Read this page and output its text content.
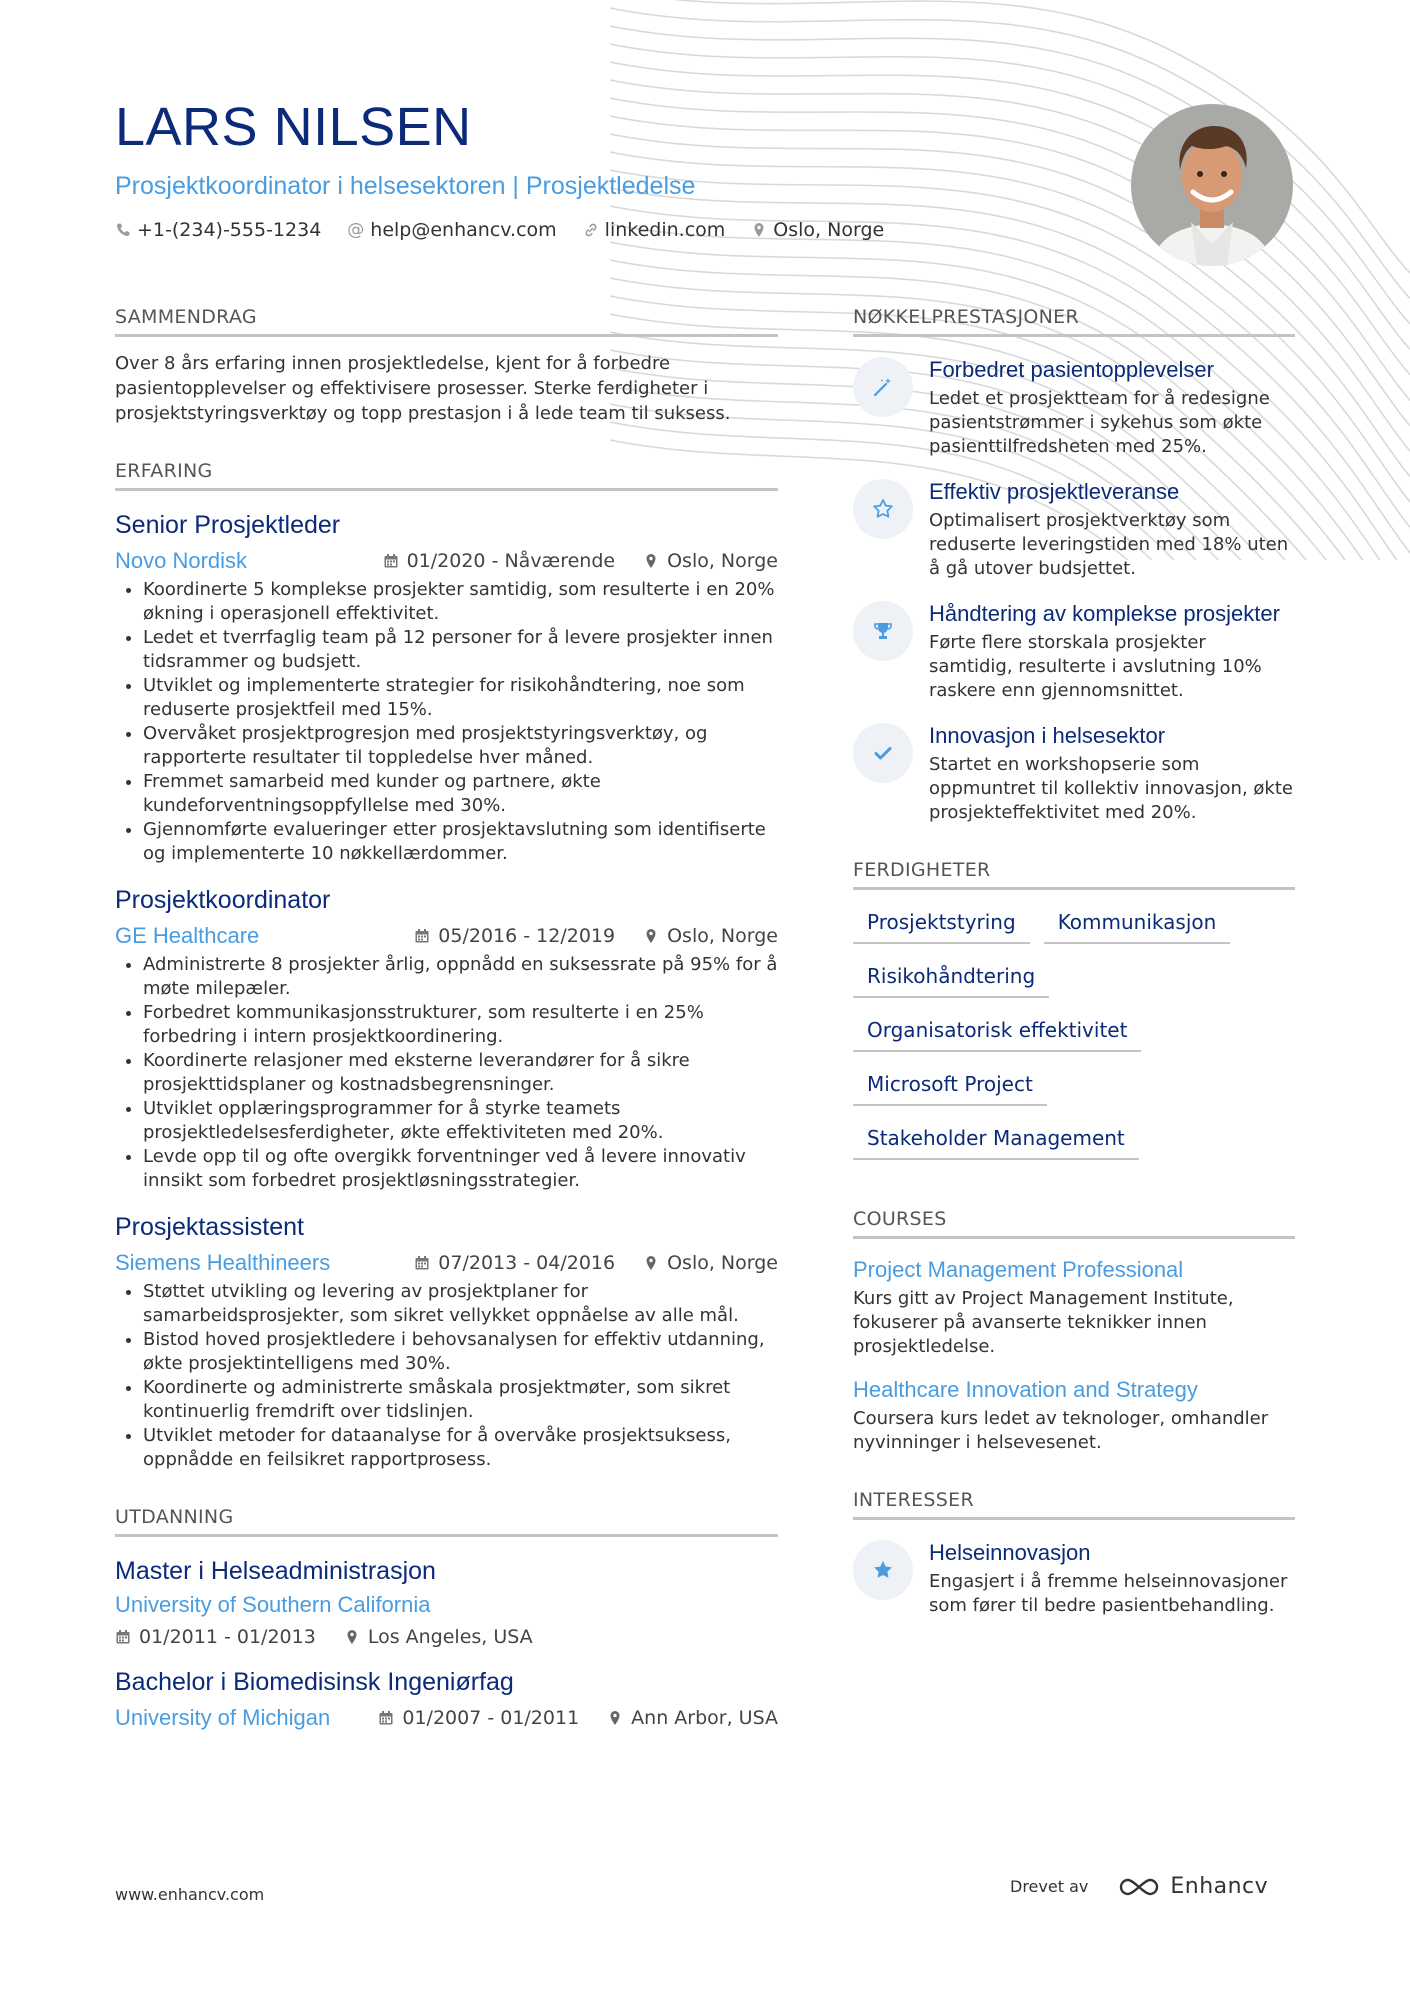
LARS NILSEN
Prosjektkoordinator i helsesektoren | Prosjektledelse
+1-(234)-555-1234 @ help@enhancv.com	linkedin.com	Oslo, Norge
SAMMENDRAG
Over 8 års erfaring innen prosjektledelse, kjent for å forbedre pasientopplevelser og effektivisere prosesser. Sterke ferdigheter i prosjektstyringsverktøy og topp prestasjon i å lede team til suksess.
ERFARING
Senior Prosjektleder
Novo Nordisk	01/2020 - Nåværende	Oslo, Norge
• Koordinerte 5 komplekse prosjekter samtidig, som resulterte i en 20% økning i operasjonell effektivitet.
• Ledet et tverrfaglig team på 12 personer for å levere prosjekter innen tidsrammer og budsjett.
• Utviklet og implementerte strategier for risikohåndtering, noe som reduserte prosjektfeil med 15%.
• Overvåket prosjektprogresjon med prosjektstyringsverktøy, og rapporterte resultater til toppledelse hver måned.
• Fremmet samarbeid med kunder og partnere, økte kundeforventningsoppfyllelse med 30%.
• Gjennomførte evalueringer etter prosjektavslutning som identifiserte og implementerte 10 nøkkellærdommer.
Prosjektkoordinator
GE Healthcare	05/2016 - 12/2019	Oslo, Norge
• Administrerte 8 prosjekter årlig, oppnådd en suksessrate på 95% for å møte milepæler.
• Forbedret kommunikasjonsstrukturer, som resulterte i en 25% forbedring i intern prosjektkoordinering.
• Koordinerte relasjoner med eksterne leverandører for å sikre prosjekttidsplaner og kostnadsbegrensninger.
• Utviklet opplæringsprogrammer for å styrke teamets prosjektledelsesferdigheter, økte effektiviteten med 20%.
• Levde opp til og ofte overgikk forventninger ved å levere innovativ innsikt som forbedret prosjektløsningsstrategier.
Prosjektassistent
Siemens Healthineers	07/2013 - 04/2016	Oslo, Norge
• Støttet utvikling og levering av prosjektplaner for samarbeidsprosjekter, som sikret vellykket oppnåelse av alle mål.
• Bistod hoved prosjektledere i behovsanalysen for effektiv utdanning, økte prosjektintelligens med 30%.
• Koordinerte og administrerte småskala prosjektmøter, som sikret kontinuerlig fremdrift over tidslinjen.
• Utviklet metoder for dataanalyse for å overvåke prosjektsuksess, oppnådde en feilsikret rapportprosess.
UTDANNING
Master i Helseadministrasjon
University of Southern California
01/2011 - 01/2013	Los Angeles, USA
Bachelor i Biomedisinsk Ingeniørfag
University of Michigan	01/2007 - 01/2011	Ann Arbor, USA
NØKKELPRESTASJONER
Forbedret pasientopplevelser
Ledet et prosjektteam for å redesigne pasientstrømmer i sykehus som økte pasienttilfredsheten med 25%.
Effektiv prosjektleveranse
Optimalisert prosjektverktøy som reduserte leveringstiden med 18% uten å gå utover budsjettet.
Håndtering av komplekse prosjekter
Førte flere storskala prosjekter samtidig, resulterte i avslutning 10% raskere enn gjennomsnittet.
Innovasjon i helsesektor
Startet en workshopserie som oppmuntret til kollektiv innovasjon, økte prosjekteffektivitet med 20%.
FERDIGHETER
Prosjektstyring	Kommunikasjon
Risikohåndtering
Organisatorisk effektivitet
Microsoft Project
Stakeholder Management
COURSES
Project Management Professional
Kurs gitt av Project Management Institute, fokuserer på avanserte teknikker innen prosjektledelse.
Healthcare Innovation and Strategy
Coursera kurs ledet av teknologer, omhandler nyvinninger i helsevesenet.
INTERESSER
Helseinnovasjon
Engasjert i å fremme helseinnovasjoner som fører til bedre pasientbehandling.
www.enhancv.com	Drevet av	Enhancv
